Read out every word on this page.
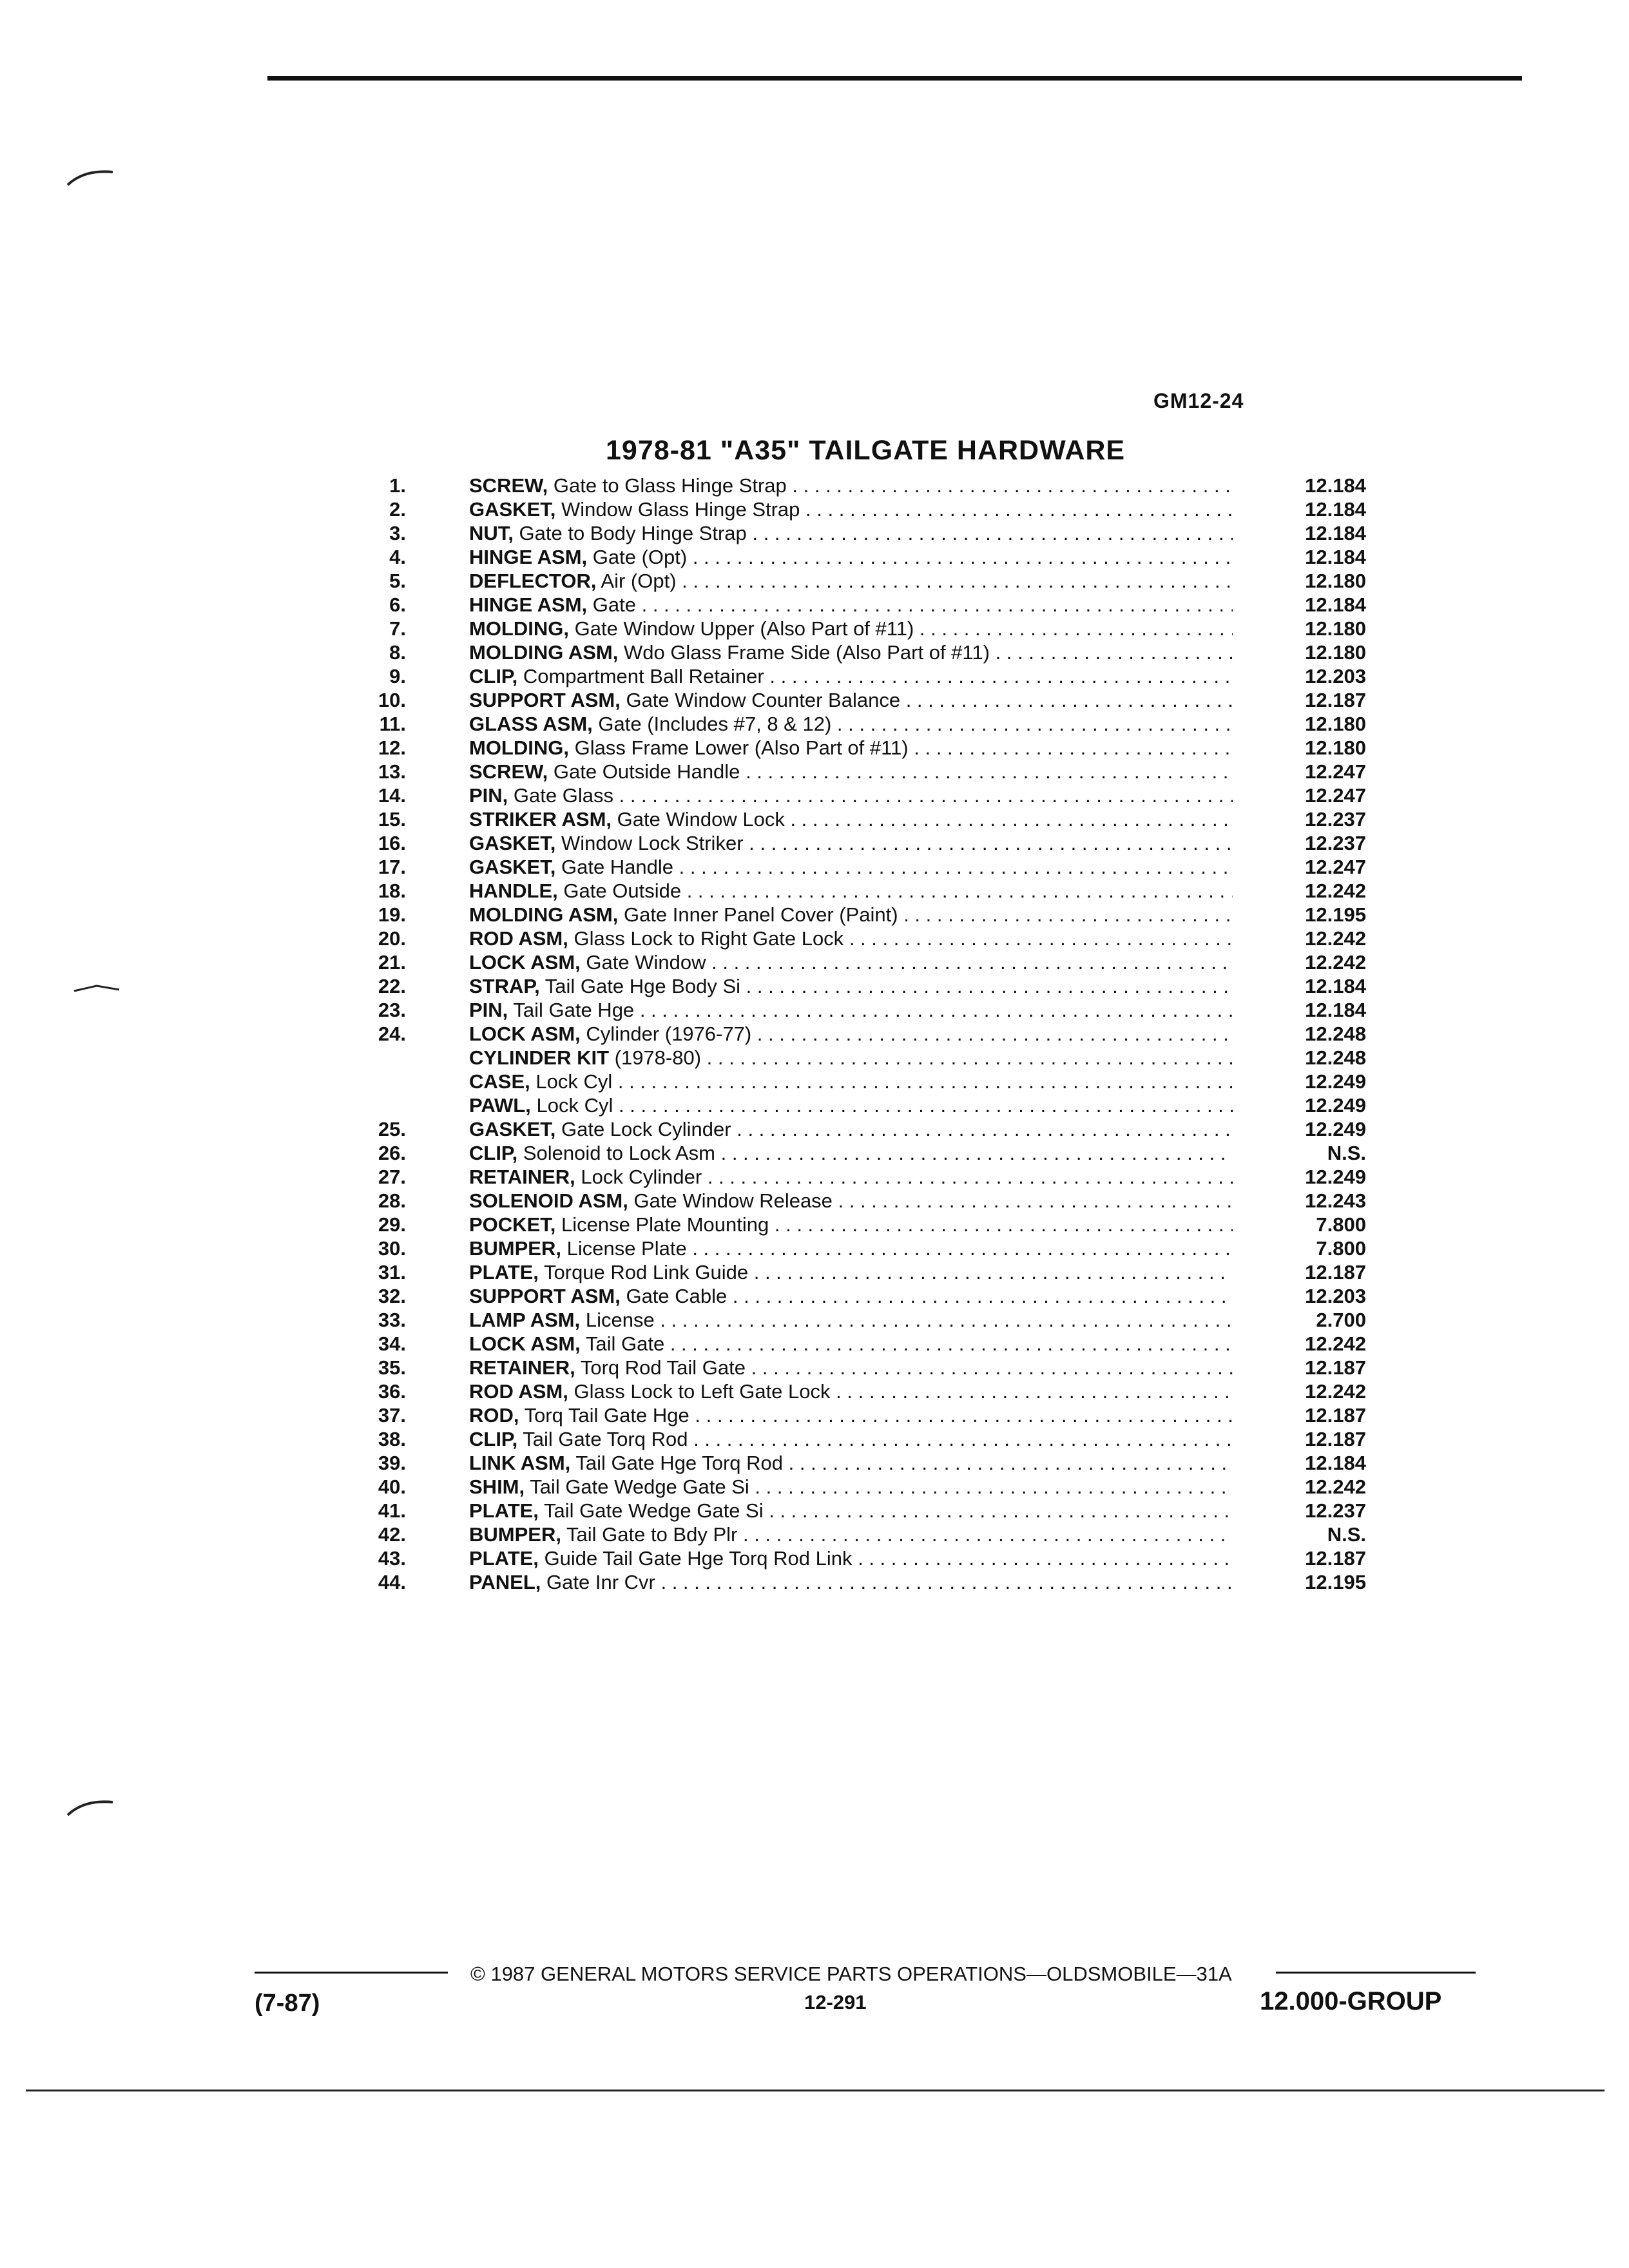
GM12-24
1978-81 "A35" TAILGATE HARDWARE
1.	SCREW, Gate to Glass Hinge Strap . . .	12.184
2.	GASKET, Window Glass Hinge Strap . . .	12.184
3.	NUT, Gate to Body Hinge Strap . . .	12.184
4.	HINGE ASM, Gate (Opt) . . .	12.184
5.	DEFLECTOR, Air (Opt) . . .	12.180
6.	HINGE ASM, Gate . . .	12.184
7.	MOLDING, Gate Window Upper (Also Part of #11) . . .	12.180
8.	MOLDING ASM, Wdo Glass Frame Side (Also Part of #11) . . .	12.180
9.	CLIP, Compartment Ball Retainer . . .	12.203
10.	SUPPORT ASM, Gate Window Counter Balance . . .	12.187
11.	GLASS ASM, Gate (Includes #7, 8 & 12) . . .	12.180
12.	MOLDING, Glass Frame Lower (Also Part of #11) . . .	12.180
13.	SCREW, Gate Outside Handle . . .	12.247
14.	PIN, Gate Glass . . .	12.247
15.	STRIKER ASM, Gate Window Lock . . .	12.237
16.	GASKET, Window Lock Striker . . .	12.237
17.	GASKET, Gate Handle . . .	12.247
18.	HANDLE, Gate Outside . . .	12.242
19.	MOLDING ASM, Gate Inner Panel Cover (Paint) . . .	12.195
20.	ROD ASM, Glass Lock to Right Gate Lock . . .	12.242
21.	LOCK ASM, Gate Window . . .	12.242
22.	STRAP, Tail Gate Hge Body Si . . .	12.184
23.	PIN, Tail Gate Hge . . .	12.184
24.	LOCK ASM, Cylinder (1976-77) . . .	12.248
CYLINDER KIT (1978-80) . . .	12.248
CASE, Lock Cyl . . .	12.249
PAWL, Lock Cyl . . .	12.249
25.	GASKET, Gate Lock Cylinder . . .	12.249
26.	CLIP, Solenoid to Lock Asm . . .	N.S.
27.	RETAINER, Lock Cylinder . . .	12.249
28.	SOLENOID ASM, Gate Window Release . . .	12.243
29.	POCKET, License Plate Mounting . . .	7.800
30.	BUMPER, License Plate . . .	7.800
31.	PLATE, Torque Rod Link Guide . . .	12.187
32.	SUPPORT ASM, Gate Cable . . .	12.203
33.	LAMP ASM, License . . .	2.700
34.	LOCK ASM, Tail Gate . . .	12.242
35.	RETAINER, Torq Rod Tail Gate . . .	12.187
36.	ROD ASM, Glass Lock to Left Gate Lock . . .	12.242
37.	ROD, Torq Tail Gate Hge . . .	12.187
38.	CLIP, Tail Gate Torq Rod . . .	12.187
39.	LINK ASM, Tail Gate Hge Torq Rod . . .	12.184
40.	SHIM, Tail Gate Wedge Gate Si . . .	12.242
41.	PLATE, Tail Gate Wedge Gate Si . . .	12.237
42.	BUMPER, Tail Gate to Bdy Plr . . .	N.S.
43.	PLATE, Guide Tail Gate Hge Torq Rod Link . . .	12.187
44.	PANEL, Gate Inr Cvr . . .	12.195
© 1987 GENERAL MOTORS SERVICE PARTS OPERATIONS—OLDSMOBILE—31A
(7-87)	12-291	12.000-GROUP
